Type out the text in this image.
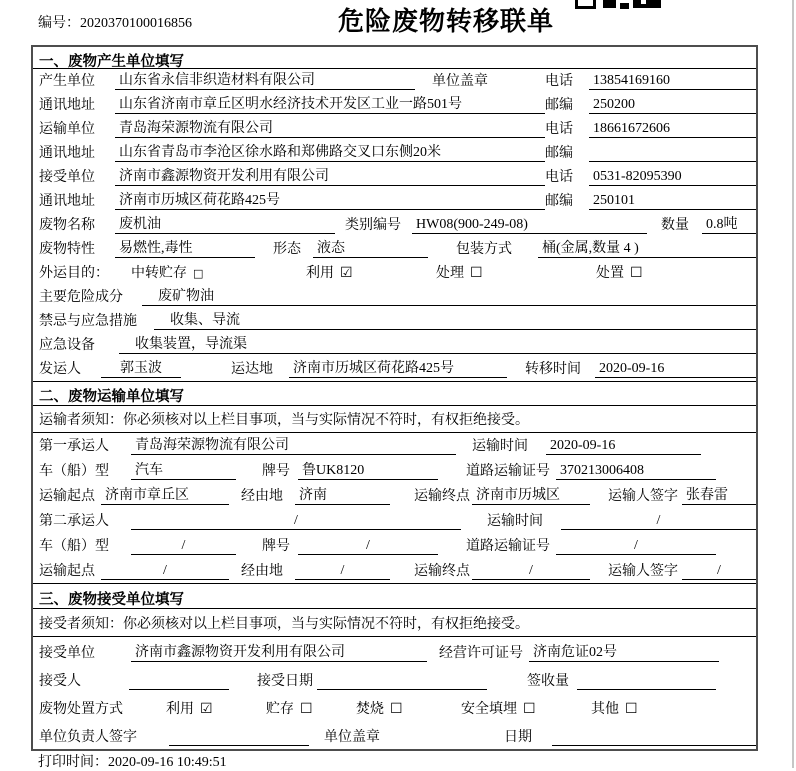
编号：2020370100016856	危险废物转移联单
一、废物产生单位填写
产生单位	山东省永信非织造材料有限公司	单位盖章	电话	13854169160
通讯地址	山东省济南市章丘区明水经济技术开发区工业一路501号	邮编	250200
运输单位	青岛海荣源物流有限公司	电话	18661672606
通讯地址	山东省青岛市李沧区徐水路和郑佛路交叉口东侧20米	邮编
接受单位	济南市鑫源物资开发利用有限公司	电话	0531-82095390
通讯地址	济南市历城区荷花路425号	邮编	250101
废物名称	废机油	类别编号	HW08(900-249-08)	数量	0.8吨
废物特性	易燃性,毒性	形态	液态	包装方式	桶(金属,数量 4 )
外运目的：	中转贮存 □	利用 ☑	处理 ☐	处置 ☐
主要危险成分	废矿物油
禁忌与应急措施	收集、导流
应急设备	收集装置，导流渠
发运人	郭玉波	运达地	济南市历城区荷花路425号	转移时间	2020-09-16
二、废物运输单位填写
运输者须知：你必须核对以上栏目事项，当与实际情况不符时，有权拒绝接受。
第一承运人	青岛海荣源物流有限公司	运输时间	2020-09-16
车（船）型	汽车	牌号 鲁UK8120	道路运输证号 370213006408
运输起点 济南市章丘区	经由地	济南	运输终点 济南市历城区	运输人签字 张春雷
第二承运人	/	运输时间	/
车（船）型	/	牌号	/	道路运输证号	/
运输起点	/	经由地	/	运输终点	/	运输人签字	/
三、废物接受单位填写
接受者须知：你必须核对以上栏目事项，当与实际情况不符时，有权拒绝接受。
接受单位	济南市鑫源物资开发利用有限公司	经营许可证号 济南危证02号
接受人	接受日期	签收量
废物处置方式	利用 ☑	贮存 ☐	焚烧 ☐	安全填埋 ☐	其他 ☐
单位负责人签字	单位盖章	日期
打印时间：2020-09-16 10:49:51
